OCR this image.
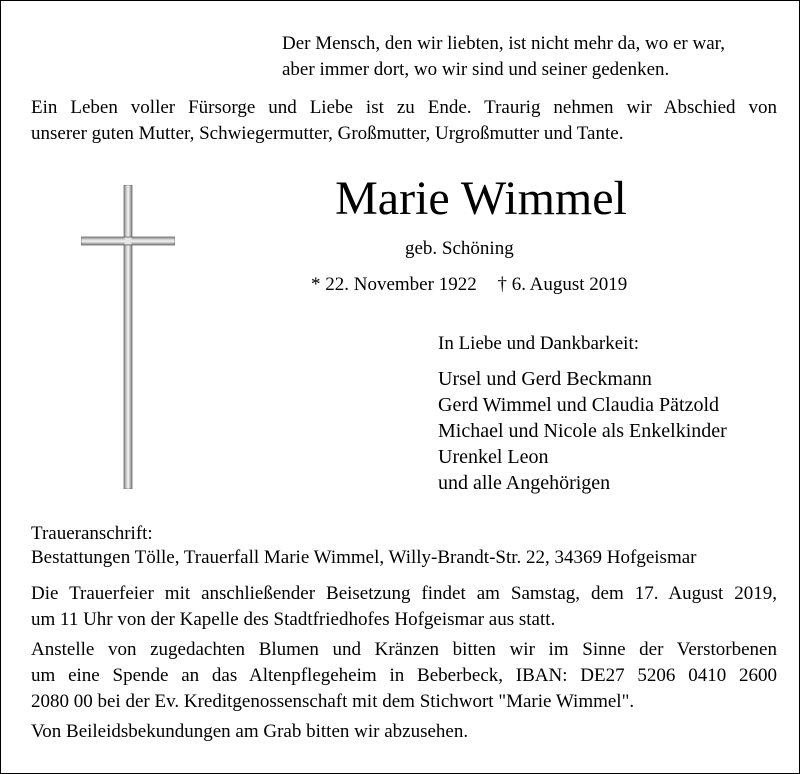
Der Mensch, den wir liebten, ist nicht mehr da, wo er war,
aber immer dort, wo wir sind und seiner gedenken.
Ein Leben voller Fürsorge und Liebe ist zu Ende. Traurig nehmen wir Abschied von
unserer guten Mutter, Schwiegermutter, Großmutter, Urgroßmutter und Tante.
Marie Wimmel
geb. Schöning
* 22. November 1922 † 6. August 2019
In Liebe und Dankbarkeit:
Ursel und Gerd Beckmann
Gerd Wimmel und Claudia Pätzold
Michael und Nicole als Enkelkinder
Urenkel Leon
und alle Angehörigen
Traueranschrift:
Bestattungen Tölle, Trauerfall Marie Wimmel, Willy-Brandt-Str. 22, 34369 Hofgeismar
Die Trauerfeier mit anschließender Beisetzung findet am Samstag, dem 17. August 2019,
um 11 Uhr von der Kapelle des Stadtfriedhofes Hofgeismar aus statt.
Anstelle von zugedachten Blumen und Kränzen bitten wir im Sinne der Verstorbenen
um eine Spende an das Altenpflegeheim in Beberbeck, IBAN: DE27 5206 0410 2600
2080 00 bei der Ev. Kreditgenossenschaft mit dem Stichwort "Marie Wimmel".
Von Beileidsbekundungen am Grab bitten wir abzusehen.
